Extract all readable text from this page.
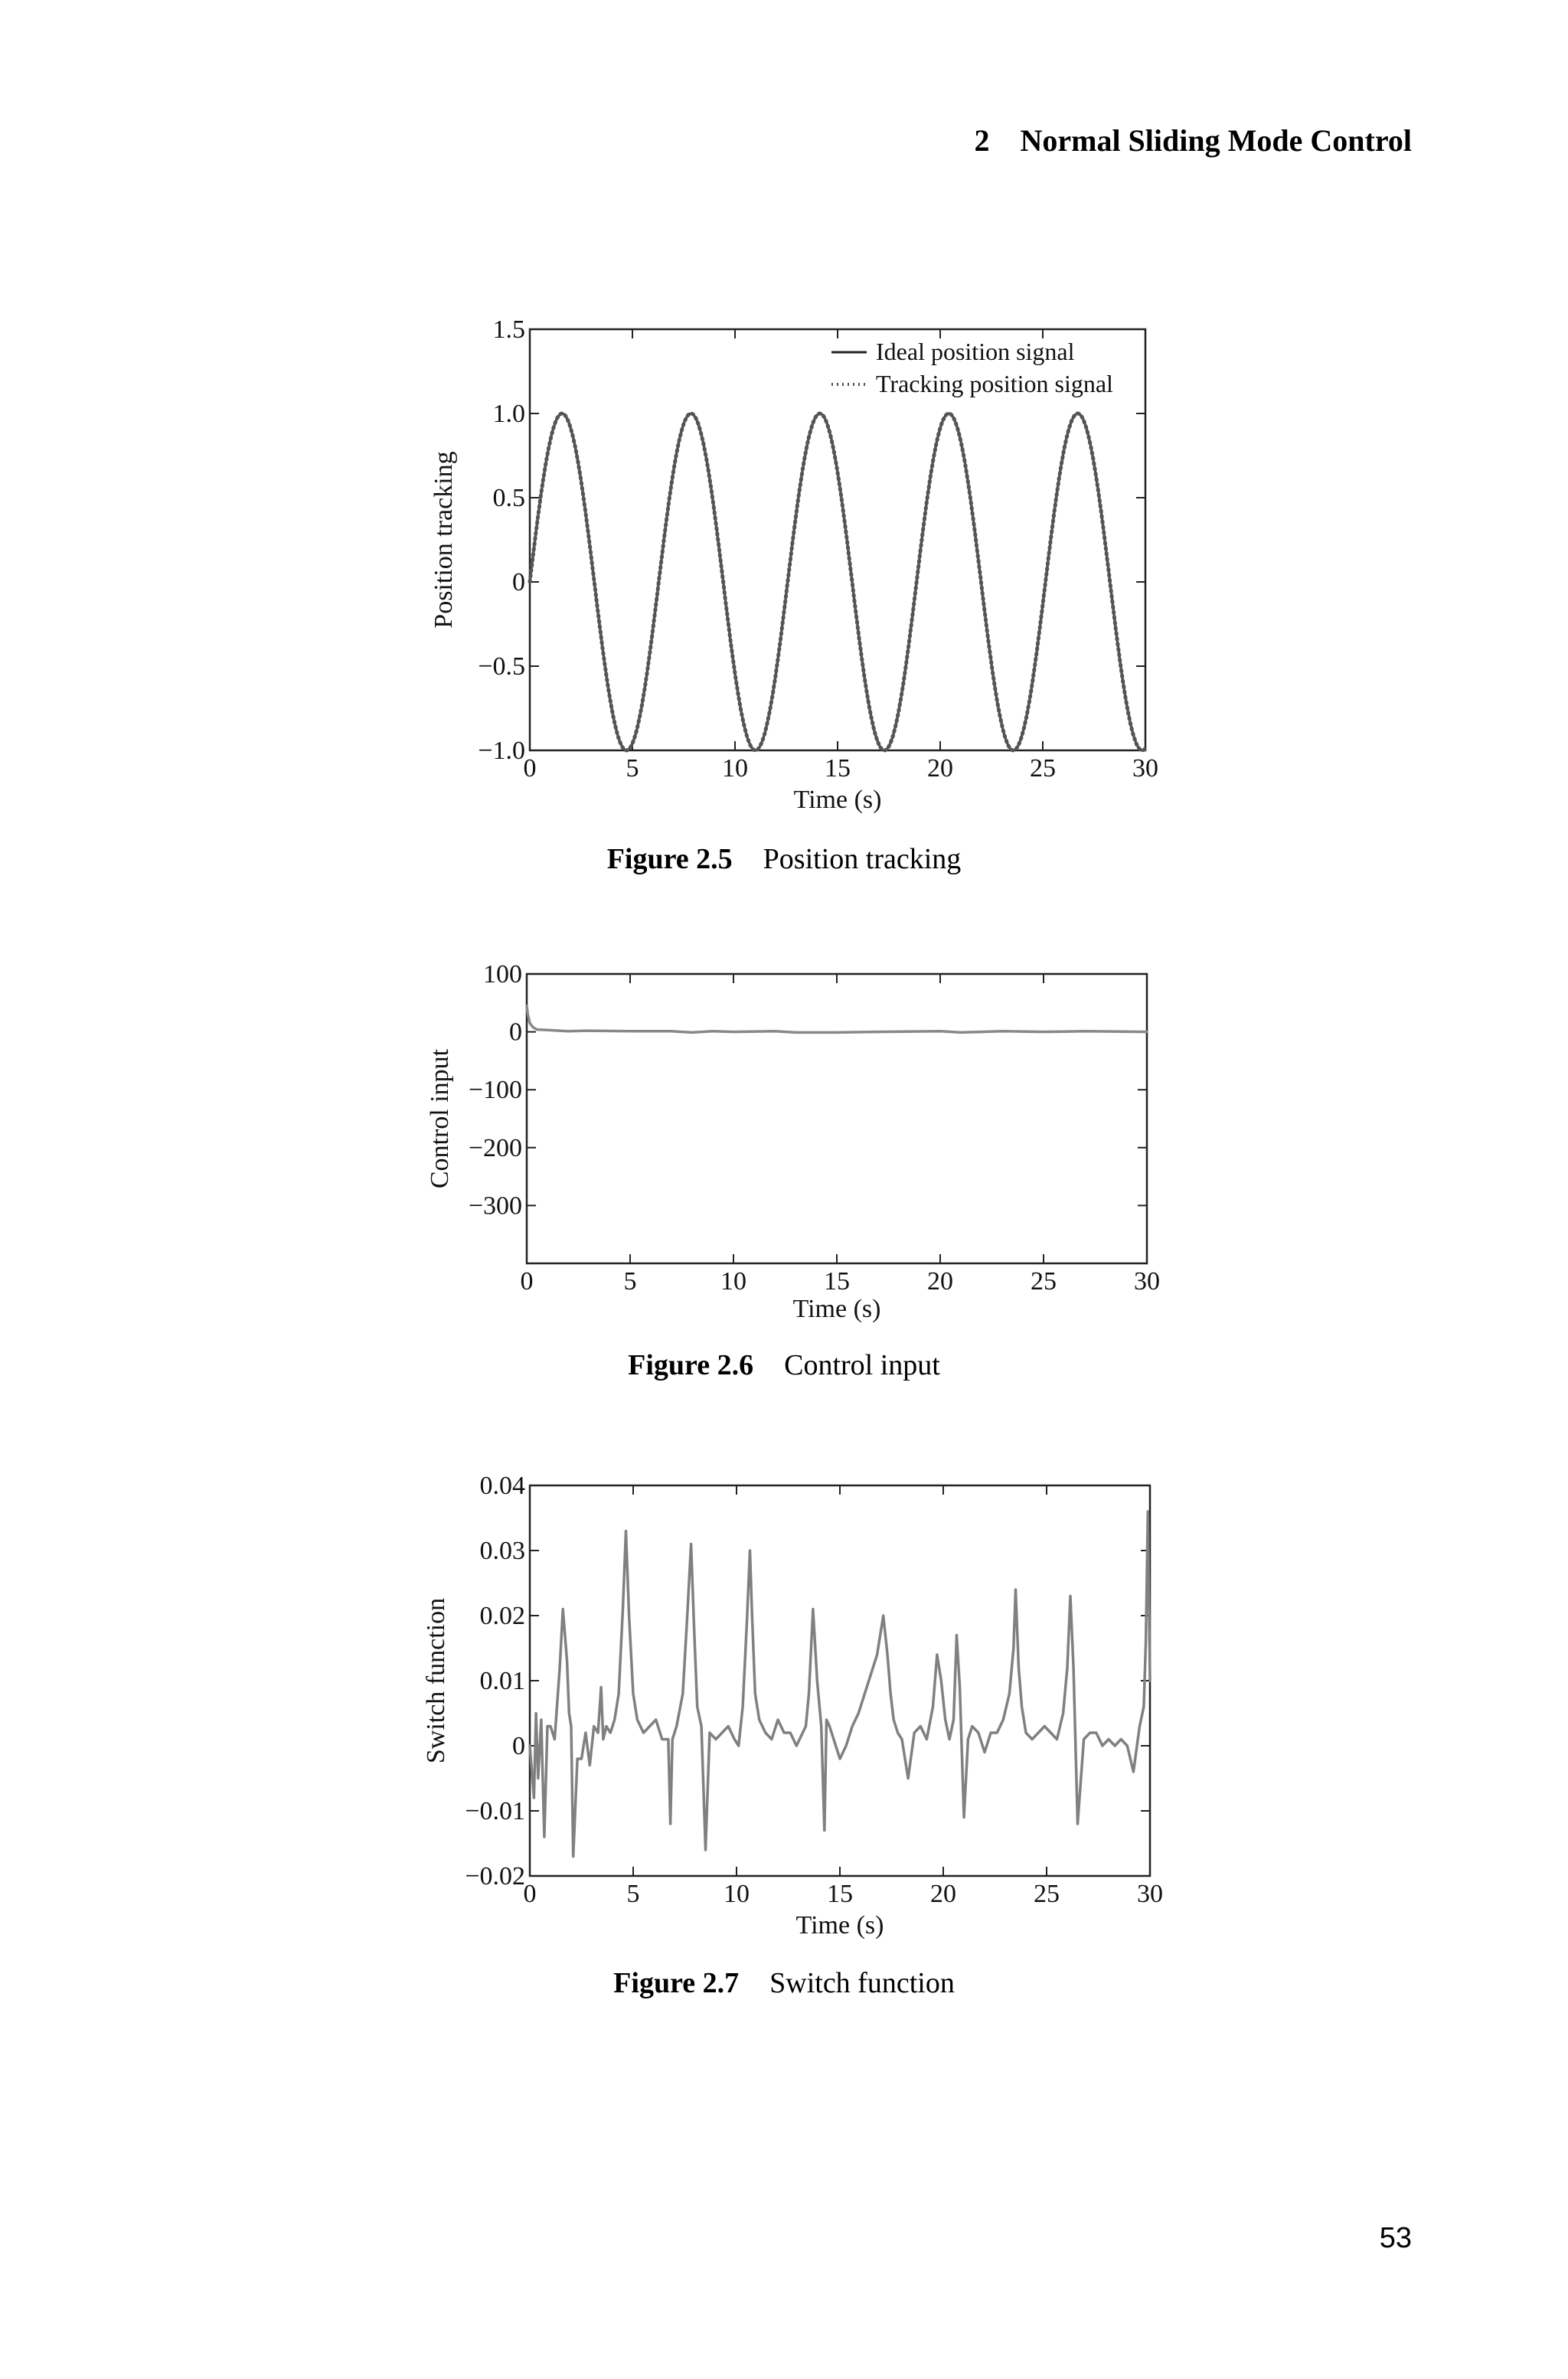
2 Normal Sliding Mode Control
0	5	10	15	20	25	30
1.5
1.0
0.5
0
−0.5
−1.0
Time (s)
Position tracking
Ideal position signal
Tracking position signal
Figure 2.5 Position tracking
0	5	10	15	20	25	30
100
0
−100
−200
−300
Time (s)
Control input
Figure 2.6 Control input
0	5	10	15	20	25	30
0.04
0.03
0.02
0.01
0
−0.01
−0.02
Time (s)
Switch function
Figure 2.7 Switch function
53
